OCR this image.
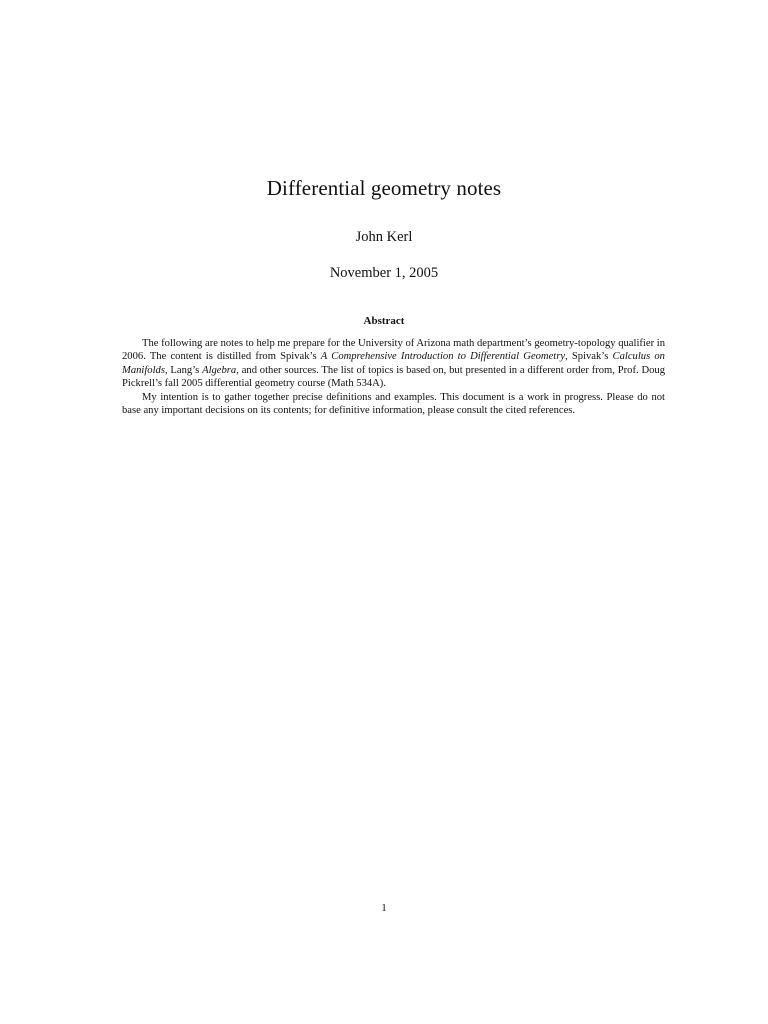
Differential geometry notes
John Kerl
November 1, 2005
Abstract

The following are notes to help me prepare for the University of Arizona math department’s geometry-topology qualifier in 2006. The content is distilled from Spivak’s A Comprehensive Introduction to Differential Geometry, Spivak’s Calculus on Manifolds, Lang’s Algebra, and other sources. The list of topics is based on, but presented in a different order from, Prof. Doug Pickrell’s fall 2005 differential geometry course (Math 534A).

My intention is to gather together precise definitions and examples. This document is a work in progress. Please do not base any important decisions on its contents; for definitive information, please consult the cited references.

1
